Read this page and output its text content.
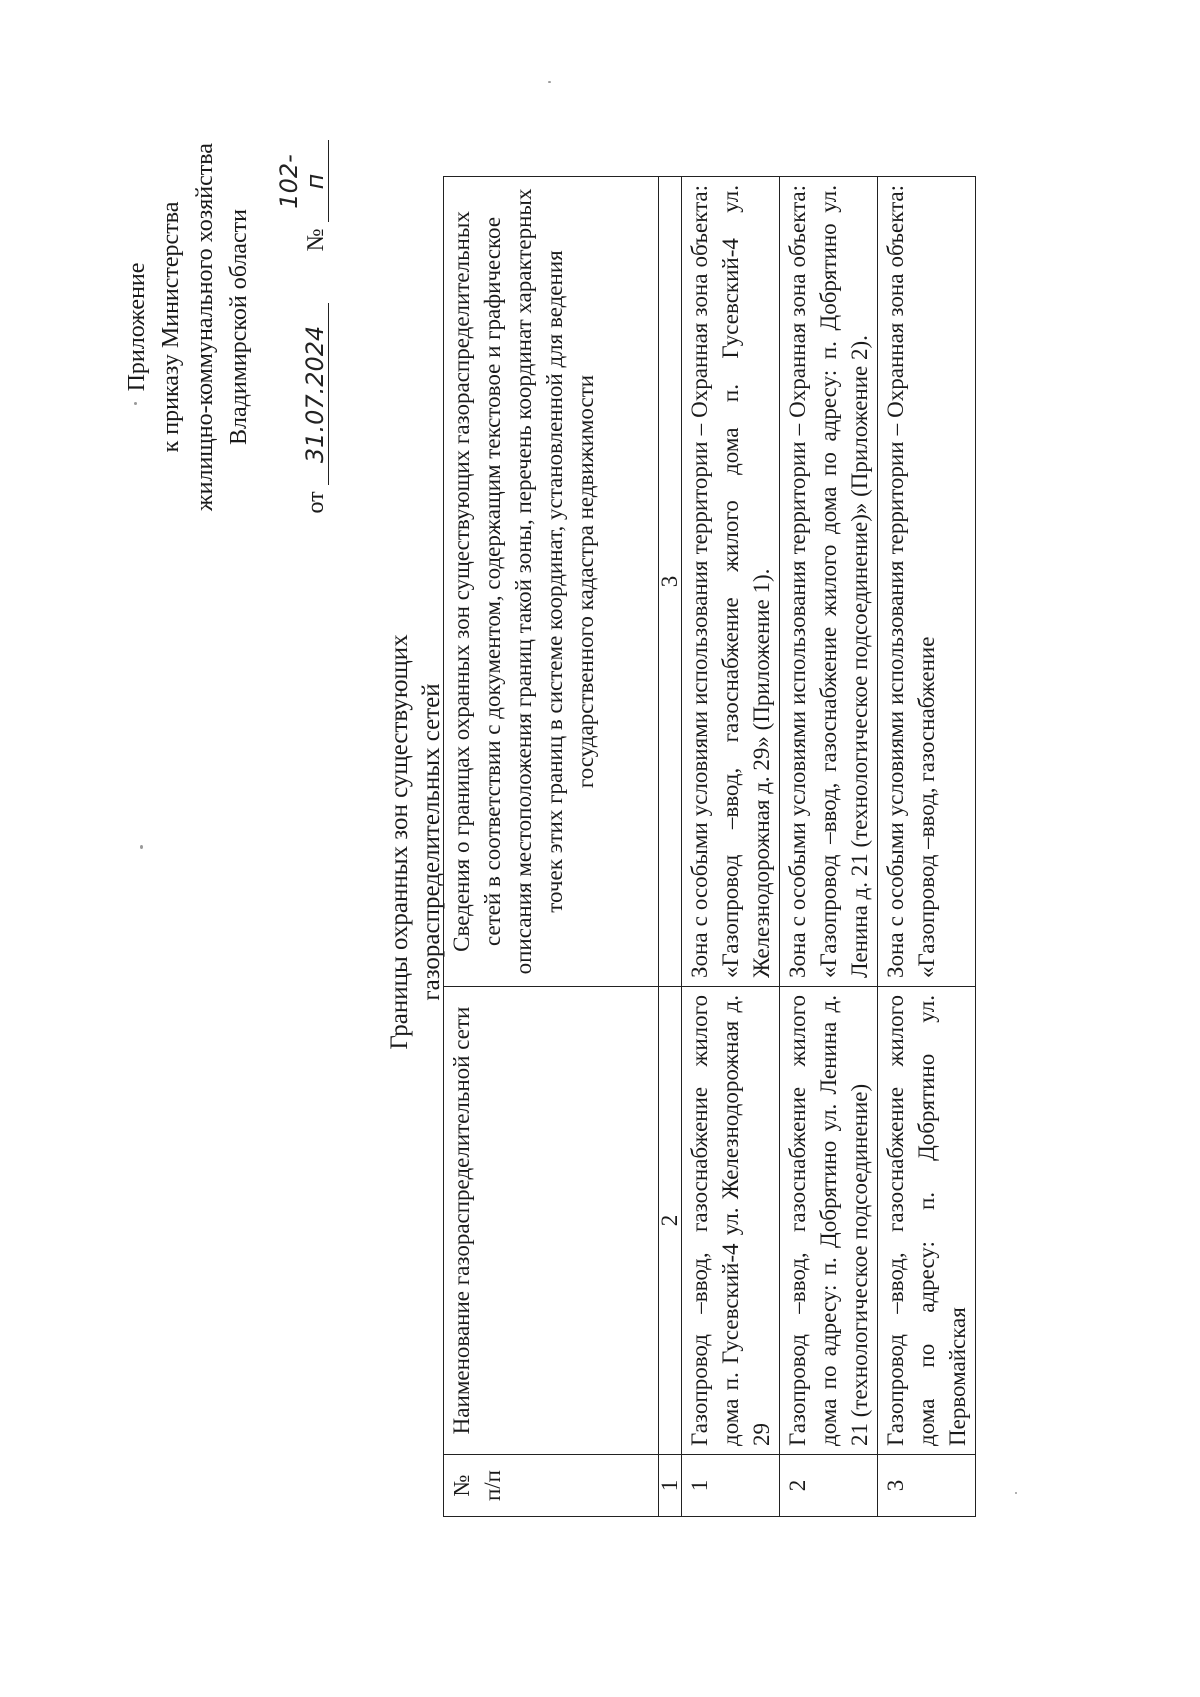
Приложение к приказу Министерства жилищно-коммунального хозяйства Владимирской области
от 31.07.2024  № 102-п
Границы охранных зон существующих газораспределительных сетей
№ п/п	Наименование газораспределительной сети	Сведения о границах охранных зон существующих газораспределительных сетей в соответствии с документом, содержащим текстовое и графическое описания местоположения границ такой зоны, перечень координат характерных точек этих границ в системе координат, установленной для ведения государственного кадастра недвижимости
1	2	3
1	Газопровод –ввод, газоснабжение жилого дома п. Гусевский-4 ул. Железнодорожная д. 29	Зона с особыми условиями использования территории – Охранная зона объекта: «Газопровод –ввод, газоснабжение жилого дома п. Гусевский-4 ул. Железнодорожная д. 29» (Приложение 1).
2	Газопровод –ввод, газоснабжение жилого дома по адресу: п. Добрятино ул. Ленина д. 21 (технологическое подсоединение)	Зона с особыми условиями использования территории – Охранная зона объекта: «Газопровод –ввод, газоснабжение жилого дома по адресу: п. Добрятино ул. Ленина д. 21 (технологическое подсоединение)» (Приложение 2).
3	Газопровод –ввод, газоснабжение жилого дома по адресу: п. Добрятино ул. Первомайская	Зона с особыми условиями использования территории – Охранная зона объекта: «Газопровод –ввод, газоснабжение
